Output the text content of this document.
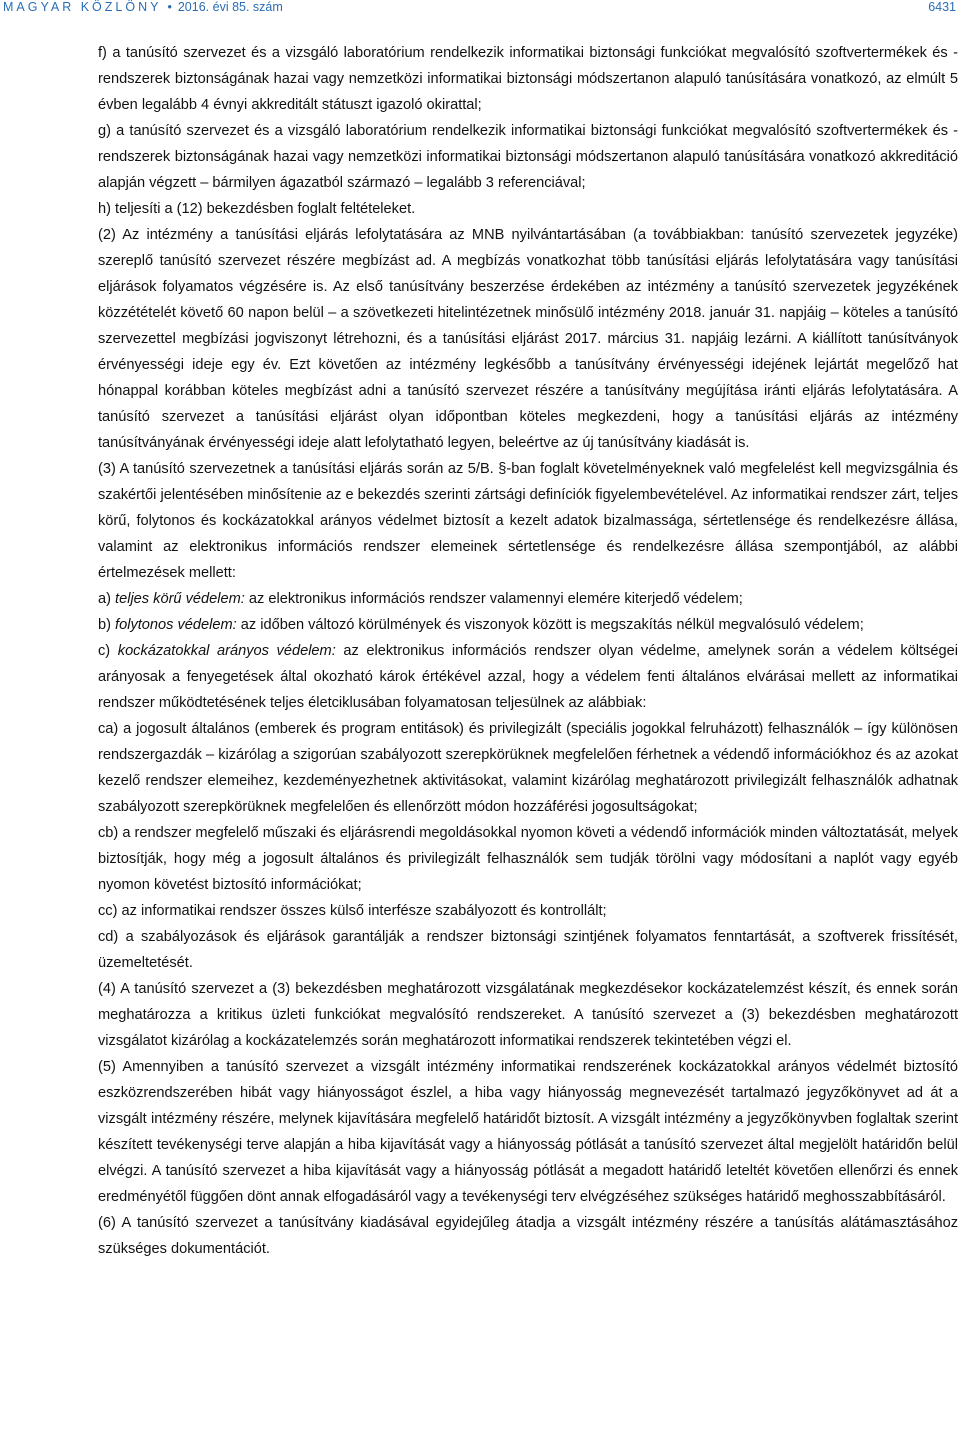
MAGYAR KÖZLÖNY • 2016. évi 85. szám	6431

f) a tanúsító szervezet és a vizsgáló laboratórium rendelkezik informatikai biztonsági funkciókat megvalósító szoftvertermékek és -rendszerek biztonságának hazai vagy nemzetközi informatikai biztonsági módszertanon alapuló tanúsítására vonatkozó, az elmúlt 5 évben legalább 4 évnyi akkreditált státuszt igazoló okirattal;

g) a tanúsító szervezet és a vizsgáló laboratórium rendelkezik informatikai biztonsági funkciókat megvalósító szoftvertermékek és -rendszerek biztonságának hazai vagy nemzetközi informatikai biztonsági módszertanon alapuló tanúsítására vonatkozó akkreditáció alapján végzett – bármilyen ágazatból származó – legalább 3 referenciával;

h) teljesíti a (12) bekezdésben foglalt feltételeket.

(2) Az intézmény a tanúsítási eljárás lefolytatására az MNB nyilvántartásában (a továbbiakban: tanúsító szervezetek jegyzéke) szereplő tanúsító szervezet részére megbízást ad. A megbízás vonatkozhat több tanúsítási eljárás lefolytatására vagy tanúsítási eljárások folyamatos végzésére is. Az első tanúsítvány beszerzése érdekében az intézmény a tanúsító szervezetek jegyzékének közzétételét követő 60 napon belül – a szövetkezeti hitelintézetnek minősülő intézmény 2018. január 31. napjáig – köteles a tanúsító szervezettel megbízási jogviszonyt létrehozni, és a tanúsítási eljárást 2017. március 31. napjáig lezárni. A kiállított tanúsítványok érvényességi ideje egy év. Ezt követően az intézmény legkésőbb a tanúsítvány érvényességi idejének lejártát megelőző hat hónappal korábban köteles megbízást adni a tanúsító szervezet részére a tanúsítvány megújítása iránti eljárás lefolytatására. A tanúsító szervezet a tanúsítási eljárást olyan időpontban köteles megkezdeni, hogy a tanúsítási eljárás az intézmény tanúsítványának érvényességi ideje alatt lefolytatható legyen, beleértve az új tanúsítvány kiadását is.

(3) A tanúsító szervezetnek a tanúsítási eljárás során az 5/B. §-ban foglalt követelményeknek való megfelelést kell megvizsgálnia és szakértői jelentésében minősítenie az e bekezdés szerinti zártsági definíciók figyelembevételével. Az informatikai rendszer zárt, teljes körű, folytonos és kockázatokkal arányos védelmet biztosít a kezelt adatok bizalmassága, sértetlensége és rendelkezésre állása, valamint az elektronikus információs rendszer elemeinek sértetlensége és rendelkezésre állása szempontjából, az alábbi értelmezések mellett:

a) teljes körű védelem: az elektronikus információs rendszer valamennyi elemére kiterjedő védelem;

b) folytonos védelem: az időben változó körülmények és viszonyok között is megszakítás nélkül megvalósuló védelem;

c) kockázatokkal arányos védelem: az elektronikus információs rendszer olyan védelme, amelynek során a védelem költségei arányosak a fenyegetések által okozható károk értékével azzal, hogy a védelem fenti általános elvárásai mellett az informatikai rendszer működtetésének teljes életciklusában folyamatosan teljesülnek az alábbiak:

ca) a jogosult általános (emberek és program entitások) és privilegizált (speciális jogokkal felruházott) felhasználók – így különösen rendszergazdák – kizárólag a szigorúan szabályozott szerepkörüknek megfelelően férhetnek a védendő információkhoz és az azokat kezelő rendszer elemeihez, kezdeményezhetnek aktivitásokat, valamint kizárólag meghatározott privilegizált felhasználók adhatnak szabályozott szerepkörüknek megfelelően és ellenőrzött módon hozzáférési jogosultságokat;

cb) a rendszer megfelelő műszaki és eljárásrendi megoldásokkal nyomon követi a védendő információk minden változtatását, melyek biztosítják, hogy még a jogosult általános és privilegizált felhasználók sem tudják törölni vagy módosítani a naplót vagy egyéb nyomon követést biztosító információkat;

cc) az informatikai rendszer összes külső interfésze szabályozott és kontrollált;

cd) a szabályozások és eljárások garantálják a rendszer biztonsági szintjének folyamatos fenntartását, a szoftverek frissítését, üzemeltetését.

(4) A tanúsító szervezet a (3) bekezdésben meghatározott vizsgálatának megkezdésekor kockázatelemzést készít, és ennek során meghatározza a kritikus üzleti funkciókat megvalósító rendszereket. A tanúsító szervezet a (3) bekezdésben meghatározott vizsgálatot kizárólag a kockázatelemzés során meghatározott informatikai rendszerek tekintetében végzi el.

(5) Amennyiben a tanúsító szervezet a vizsgált intézmény informatikai rendszerének kockázatokkal arányos védelmét biztosító eszközrendszerében hibát vagy hiányosságot észlel, a hiba vagy hiányosság megnevezését tartalmazó jegyzőkönyvet ad át a vizsgált intézmény részére, melynek kijavítására megfelelő határidőt biztosít. A vizsgált intézmény a jegyzőkönyvben foglaltak szerint készített tevékenységi terve alapján a hiba kijavítását vagy a hiányosság pótlását a tanúsító szervezet által megjelölt határidőn belül elvégzi. A tanúsító szervezet a hiba kijavítását vagy a hiányosság pótlását a megadott határidő leteltét követően ellenőrzi és ennek eredményétől függően dönt annak elfogadásáról vagy a tevékenységi terv elvégzéséhez szükséges határidő meghosszabbításáról.

(6) A tanúsító szervezet a tanúsítvány kiadásával egyidejűleg átadja a vizsgált intézmény részére a tanúsítás alátámasztásához szükséges dokumentációt.
